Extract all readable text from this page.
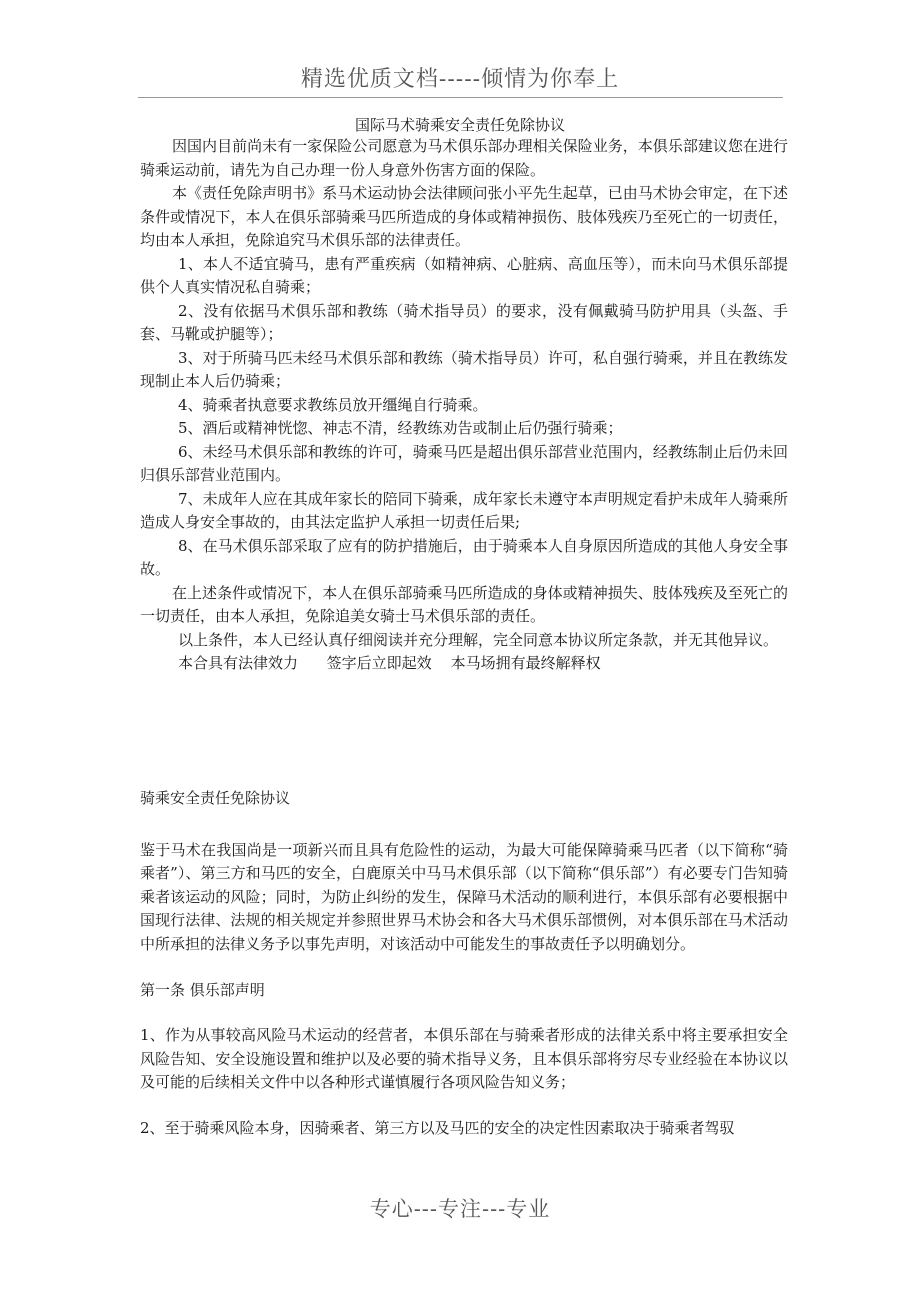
精选优质文档-----倾情为你奉上
国际马术骑乘安全责任免除协议

因国内目前尚未有一家保险公司愿意为马术俱乐部办理相关保险业务，本俱乐部建议您在进行骑乘运动前，请先为自己办理一份人身意外伤害方面的保险。

本《责任免除声明书》系马术运动协会法律顾问张小平先生起草，已由马术协会审定，在下述条件或情况下，本人在俱乐部骑乘马匹所造成的身体或精神损伤、肢体残疾乃至死亡的一切责任，均由本人承担，免除追究马术俱乐部的法律责任。

1、本人不适宜骑马，患有严重疾病（如精神病、心脏病、高血压等），而未向马术俱乐部提供个人真实情况私自骑乘；

2、没有依据马术俱乐部和教练（骑术指导员）的要求，没有佩戴骑马防护用具（头盔、手套、马靴或护腿等）；

3、对于所骑马匹未经马术俱乐部和教练（骑术指导员）许可，私自强行骑乘，并且在教练发现制止本人后仍骑乘；

4、骑乘者执意要求教练员放开缰绳自行骑乘。

5、酒后或精神恍惚、神志不清，经教练劝告或制止后仍强行骑乘；

6、未经马术俱乐部和教练的许可，骑乘马匹是超出俱乐部营业范围内，经教练制止后仍未回归俱乐部营业范围内。

7、未成年人应在其成年家长的陪同下骑乘，成年家长未遵守本声明规定看护未成年人骑乘所造成人身安全事故的，由其法定监护人承担一切责任后果;

8、在马术俱乐部采取了应有的防护措施后，由于骑乘本人自身原因所造成的其他人身安全事故。

在上述条件或情况下，本人在俱乐部骑乘马匹所造成的身体或精神损失、肢体残疾及至死亡的一切责任，由本人承担，免除追美女骑士马术俱乐部的责任。

以上条件，本人已经认真仔细阅读并充分理解，完全同意本协议所定条款，并无其他异议。

本合具有法律效力      签字后立即起效    本马场拥有最终解释权

骑乘安全责任免除协议

鉴于马术在我国尚是一项新兴而且具有危险性的运动，为最大可能保障骑乘马匹者（以下简称“骑乘者”）、第三方和马匹的安全，白鹿原关中马马术俱乐部（以下简称“俱乐部”）有必要专门告知骑乘者该运动的风险；同时，为防止纠纷的发生，保障马术活动的顺利进行，本俱乐部有必要根据中国现行法律、法规的相关规定并参照世界马术协会和各大马术俱乐部惯例，对本俱乐部在马术活动中所承担的法律义务予以事先声明，对该活动中可能发生的事故责任予以明确划分。

第一条 俱乐部声明

1、作为从事较高风险马术运动的经营者，本俱乐部在与骑乘者形成的法律关系中将主要承担安全风险告知、安全设施设置和维护以及必要的骑术指导义务，且本俱乐部将穷尽专业经验在本协议以及可能的后续相关文件中以各种形式谨慎履行各项风险告知义务；

2、至于骑乘风险本身，因骑乘者、第三方以及马匹的安全的决定性因素取决于骑乘者驾驭

专心---专注---专业
